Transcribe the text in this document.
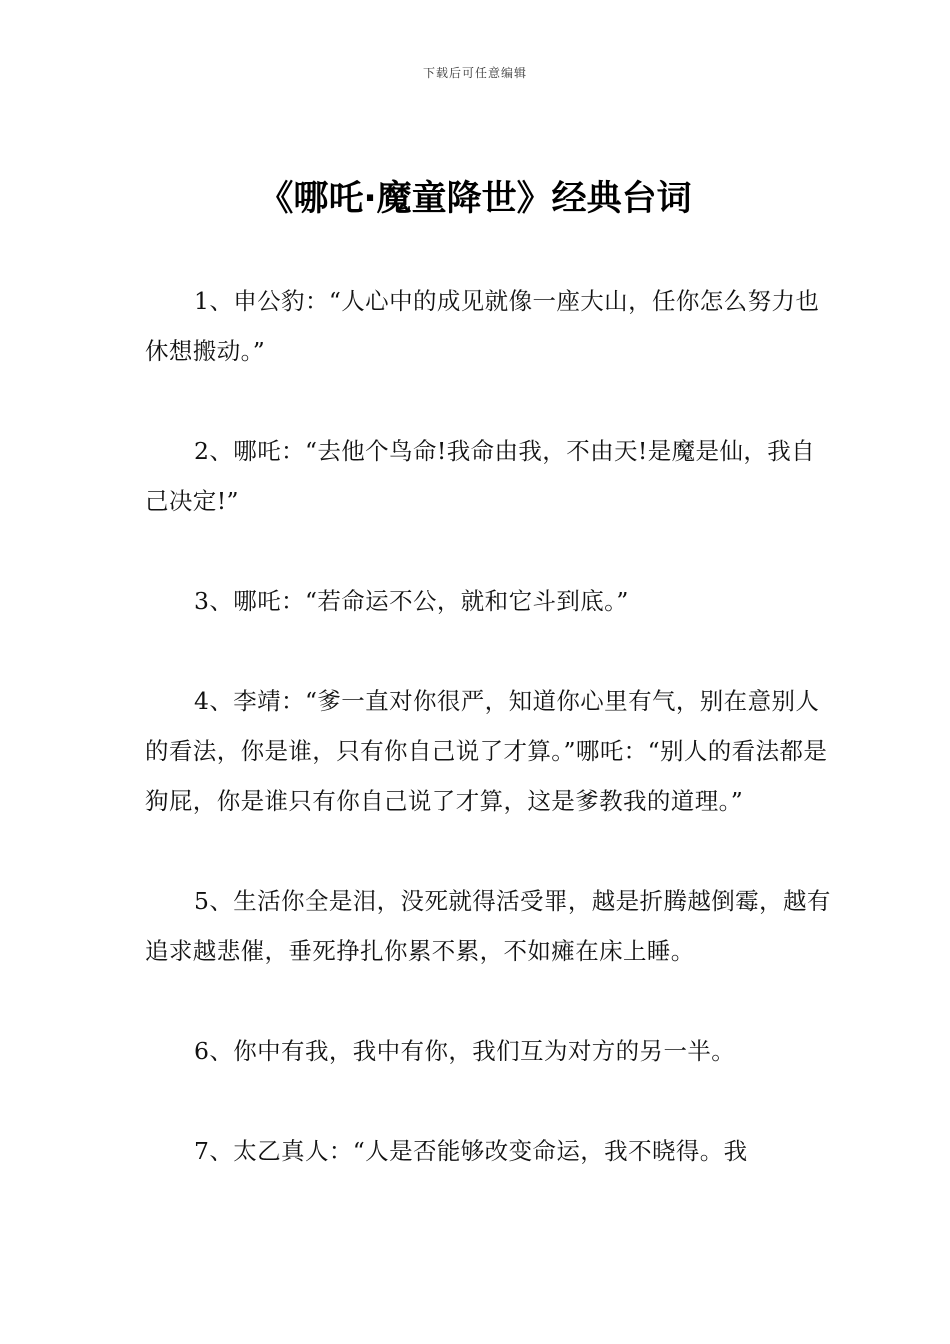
下载后可任意编辑
《哪吒·魔童降世》经典台词

1、申公豹：“人心中的成见就像一座大山，任你怎么努力也休想搬动。”

2、哪吒：“去他个鸟命!我命由我，不由天!是魔是仙，我自己决定!”

3、哪吒：“若命运不公，就和它斗到底。”

4、李靖：“爹一直对你很严，知道你心里有气，别在意别人的看法，你是谁，只有你自己说了才算。”哪吒：“别人的看法都是狗屁，你是谁只有你自己说了才算，这是爹教我的道理。”

5、生活你全是泪，没死就得活受罪，越是折腾越倒霉，越有追求越悲催，垂死挣扎你累不累，不如瘫在床上睡。

6、你中有我，我中有你，我们互为对方的另一半。

7、太乙真人：“人是否能够改变命运，我不晓得。我
